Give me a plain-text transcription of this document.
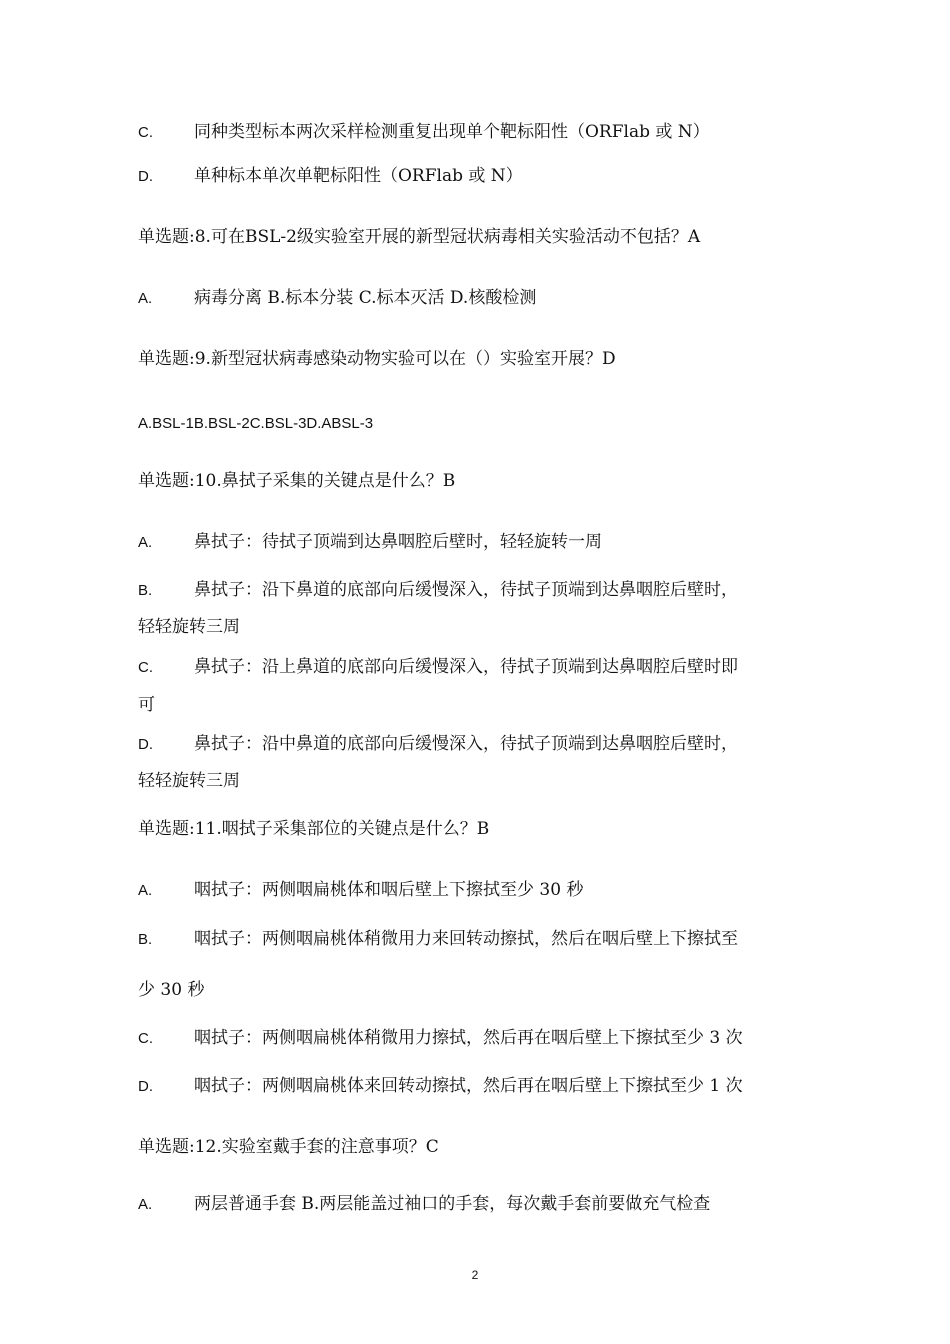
C. 同种类型标本两次采样检测重复出现单个靶标阳性（ORFlab 或 N）
D. 单种标本单次单靶标阳性（ORFlab 或 N）
单选题:8.可在BSL-2级实验室开展的新型冠状病毒相关实验活动不包括？A
A. 病毒分离 B.标本分装 C.标本灭活 D.核酸检测
单选题:9.新型冠状病毒感染动物实验可以在（）实验室开展？D
A.BSL-1B.BSL-2C.BSL-3D.ABSL-3
单选题:10.鼻拭子采集的关键点是什么？B
A. 鼻拭子：待拭子顶端到达鼻咽腔后壁时，轻轻旋转一周
B. 鼻拭子：沿下鼻道的底部向后缓慢深入，待拭子顶端到达鼻咽腔后壁时，
轻轻旋转三周
C. 鼻拭子：沿上鼻道的底部向后缓慢深入，待拭子顶端到达鼻咽腔后壁时即
可
D. 鼻拭子：沿中鼻道的底部向后缓慢深入，待拭子顶端到达鼻咽腔后壁时，
轻轻旋转三周
单选题:11.咽拭子采集部位的关键点是什么？B
A. 咽拭子：两侧咽扁桃体和咽后壁上下擦拭至少 30 秒
B. 咽拭子：两侧咽扁桃体稍微用力来回转动擦拭，然后在咽后壁上下擦拭至
少 30 秒
C. 咽拭子：两侧咽扁桃体稍微用力擦拭，然后再在咽后壁上下擦拭至少 3 次
D. 咽拭子：两侧咽扁桃体来回转动擦拭，然后再在咽后壁上下擦拭至少 1 次
单选题:12.实验室戴手套的注意事项？C
A. 两层普通手套 B.两层能盖过袖口的手套，每次戴手套前要做充气检查
2
